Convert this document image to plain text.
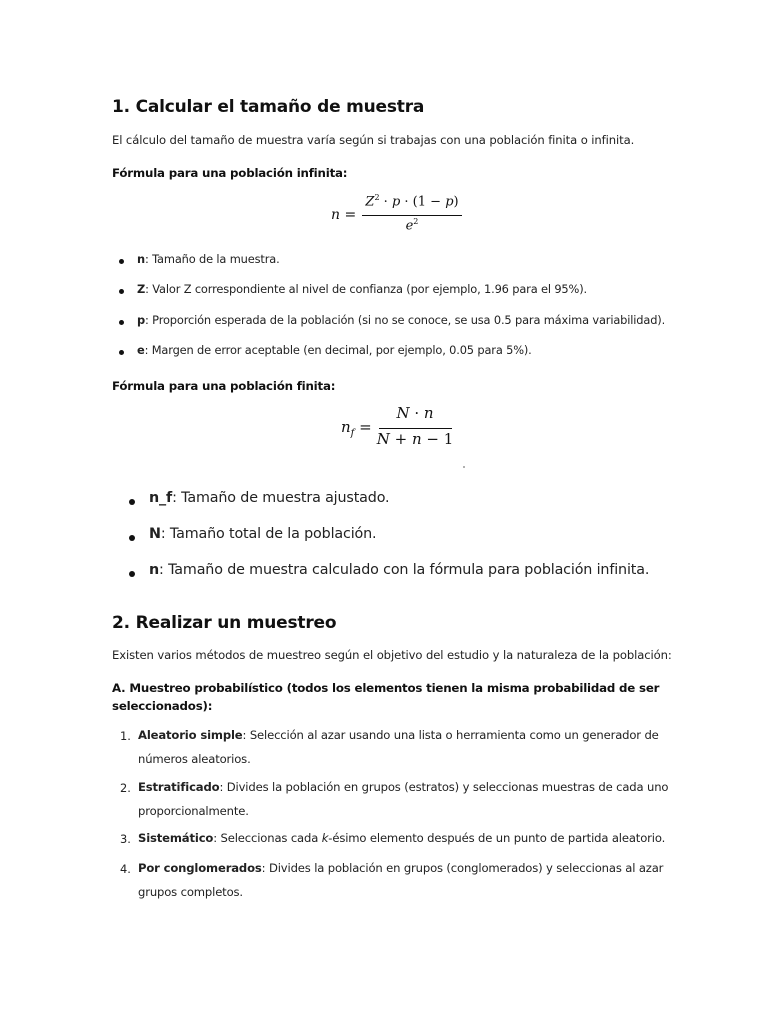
1. Calcular el tamaño de muestra
El cálculo del tamaño de muestra varía según si trabajas con una población finita o infinita.
Fórmula para una población infinita:
n =
$Z^2 \cdot p \cdot (1 - p)$
$e^2$
n: Tamaño de la muestra.
Z: Valor Z correspondiente al nivel de confianza (por ejemplo, 1.96 para el 95%).
p: Proporción esperada de la población (si no se conoce, se usa 0.5 para máxima variabilidad).
e: Margen de error aceptable (en decimal, por ejemplo, 0.05 para 5%).
Fórmula para una población finita:
$n_f$ =
N · n
N + n − 1
n_f: Tamaño de muestra ajustado.
N: Tamaño total de la población.
n: Tamaño de muestra calculado con la fórmula para población infinita.
2. Realizar un muestreo
Existen varios métodos de muestreo según el objetivo del estudio y la naturaleza de la población:
A. Muestreo probabilístico (todos los elementos tienen la misma probabilidad de ser
seleccionados):
1. Aleatorio simple: Selección al azar usando una lista o herramienta como un generador de
números aleatorios.
2. Estratificado: Divides la población en grupos (estratos) y seleccionas muestras de cada uno
proporcionalmente.
3. Sistemático: Seleccionas cada k-ésimo elemento después de un punto de partida aleatorio.
4. Por conglomerados: Divides la población en grupos (conglomerados) y seleccionas al azar
grupos completos.
